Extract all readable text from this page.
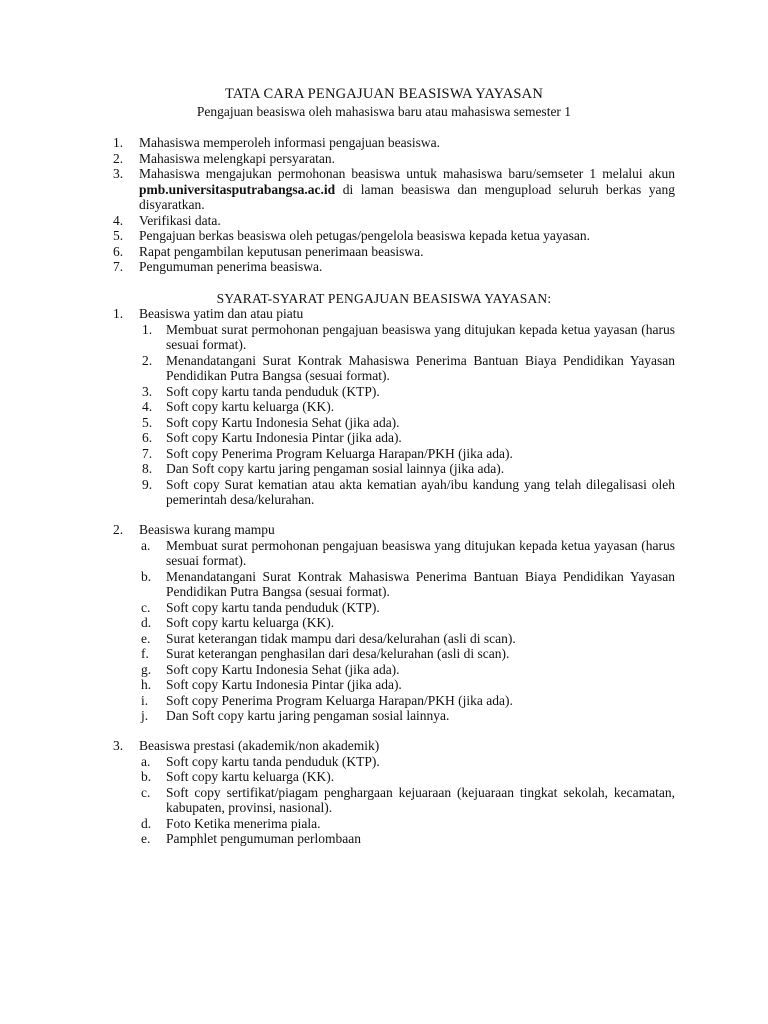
TATA CARA PENGAJUAN BEASISWA YAYASAN
Pengajuan beasiswa oleh mahasiswa baru atau mahasiswa semester 1
1. Mahasiswa memperoleh informasi pengajuan beasiswa.
2. Mahasiswa melengkapi persyaratan.
3. Mahasiswa mengajukan permohonan beasiswa untuk mahasiswa baru/semseter 1 melalui akun pmb.universitasputrabangsa.ac.id di laman beasiswa dan mengupload seluruh berkas yang disyaratkan.
4. Verifikasi data.
5. Pengajuan berkas beasiswa oleh petugas/pengelola beasiswa kepada ketua yayasan.
6. Rapat pengambilan keputusan penerimaan beasiswa.
7. Pengumuman penerima beasiswa.
SYARAT-SYARAT PENGAJUAN BEASISWA YAYASAN:
1. Beasiswa yatim dan atau piatu
1. Membuat surat permohonan pengajuan beasiswa yang ditujukan kepada ketua yayasan (harus sesuai format).
2. Menandatangani Surat Kontrak Mahasiswa Penerima Bantuan Biaya Pendidikan Yayasan Pendidikan Putra Bangsa (sesuai format).
3. Soft copy kartu tanda penduduk (KTP).
4. Soft copy kartu keluarga (KK).
5. Soft copy Kartu Indonesia Sehat (jika ada).
6. Soft copy Kartu Indonesia Pintar (jika ada).
7. Soft copy Penerima Program Keluarga Harapan/PKH (jika ada).
8. Dan Soft copy kartu jaring pengaman sosial lainnya (jika ada).
9. Soft copy Surat kematian atau akta kematian ayah/ibu kandung yang telah dilegalisasi oleh pemerintah desa/kelurahan.
2. Beasiswa kurang mampu
a. Membuat surat permohonan pengajuan beasiswa yang ditujukan kepada ketua yayasan (harus sesuai format).
b. Menandatangani Surat Kontrak Mahasiswa Penerima Bantuan Biaya Pendidikan Yayasan Pendidikan Putra Bangsa (sesuai format).
c. Soft copy kartu tanda penduduk (KTP).
d. Soft copy kartu keluarga (KK).
e. Surat keterangan tidak mampu dari desa/kelurahan (asli di scan).
f. Surat keterangan penghasilan dari desa/kelurahan (asli di scan).
g. Soft copy Kartu Indonesia Sehat (jika ada).
h. Soft copy Kartu Indonesia Pintar (jika ada).
i. Soft copy Penerima Program Keluarga Harapan/PKH (jika ada).
j. Dan Soft copy kartu jaring pengaman sosial lainnya.
3. Beasiswa prestasi (akademik/non akademik)
a. Soft copy kartu tanda penduduk (KTP).
b. Soft copy kartu keluarga (KK).
c. Soft copy sertifikat/piagam penghargaan kejuaraan (kejuaraan tingkat sekolah, kecamatan, kabupaten, provinsi, nasional).
d. Foto Ketika menerima piala.
e. Pamphlet pengumuman perlombaan
